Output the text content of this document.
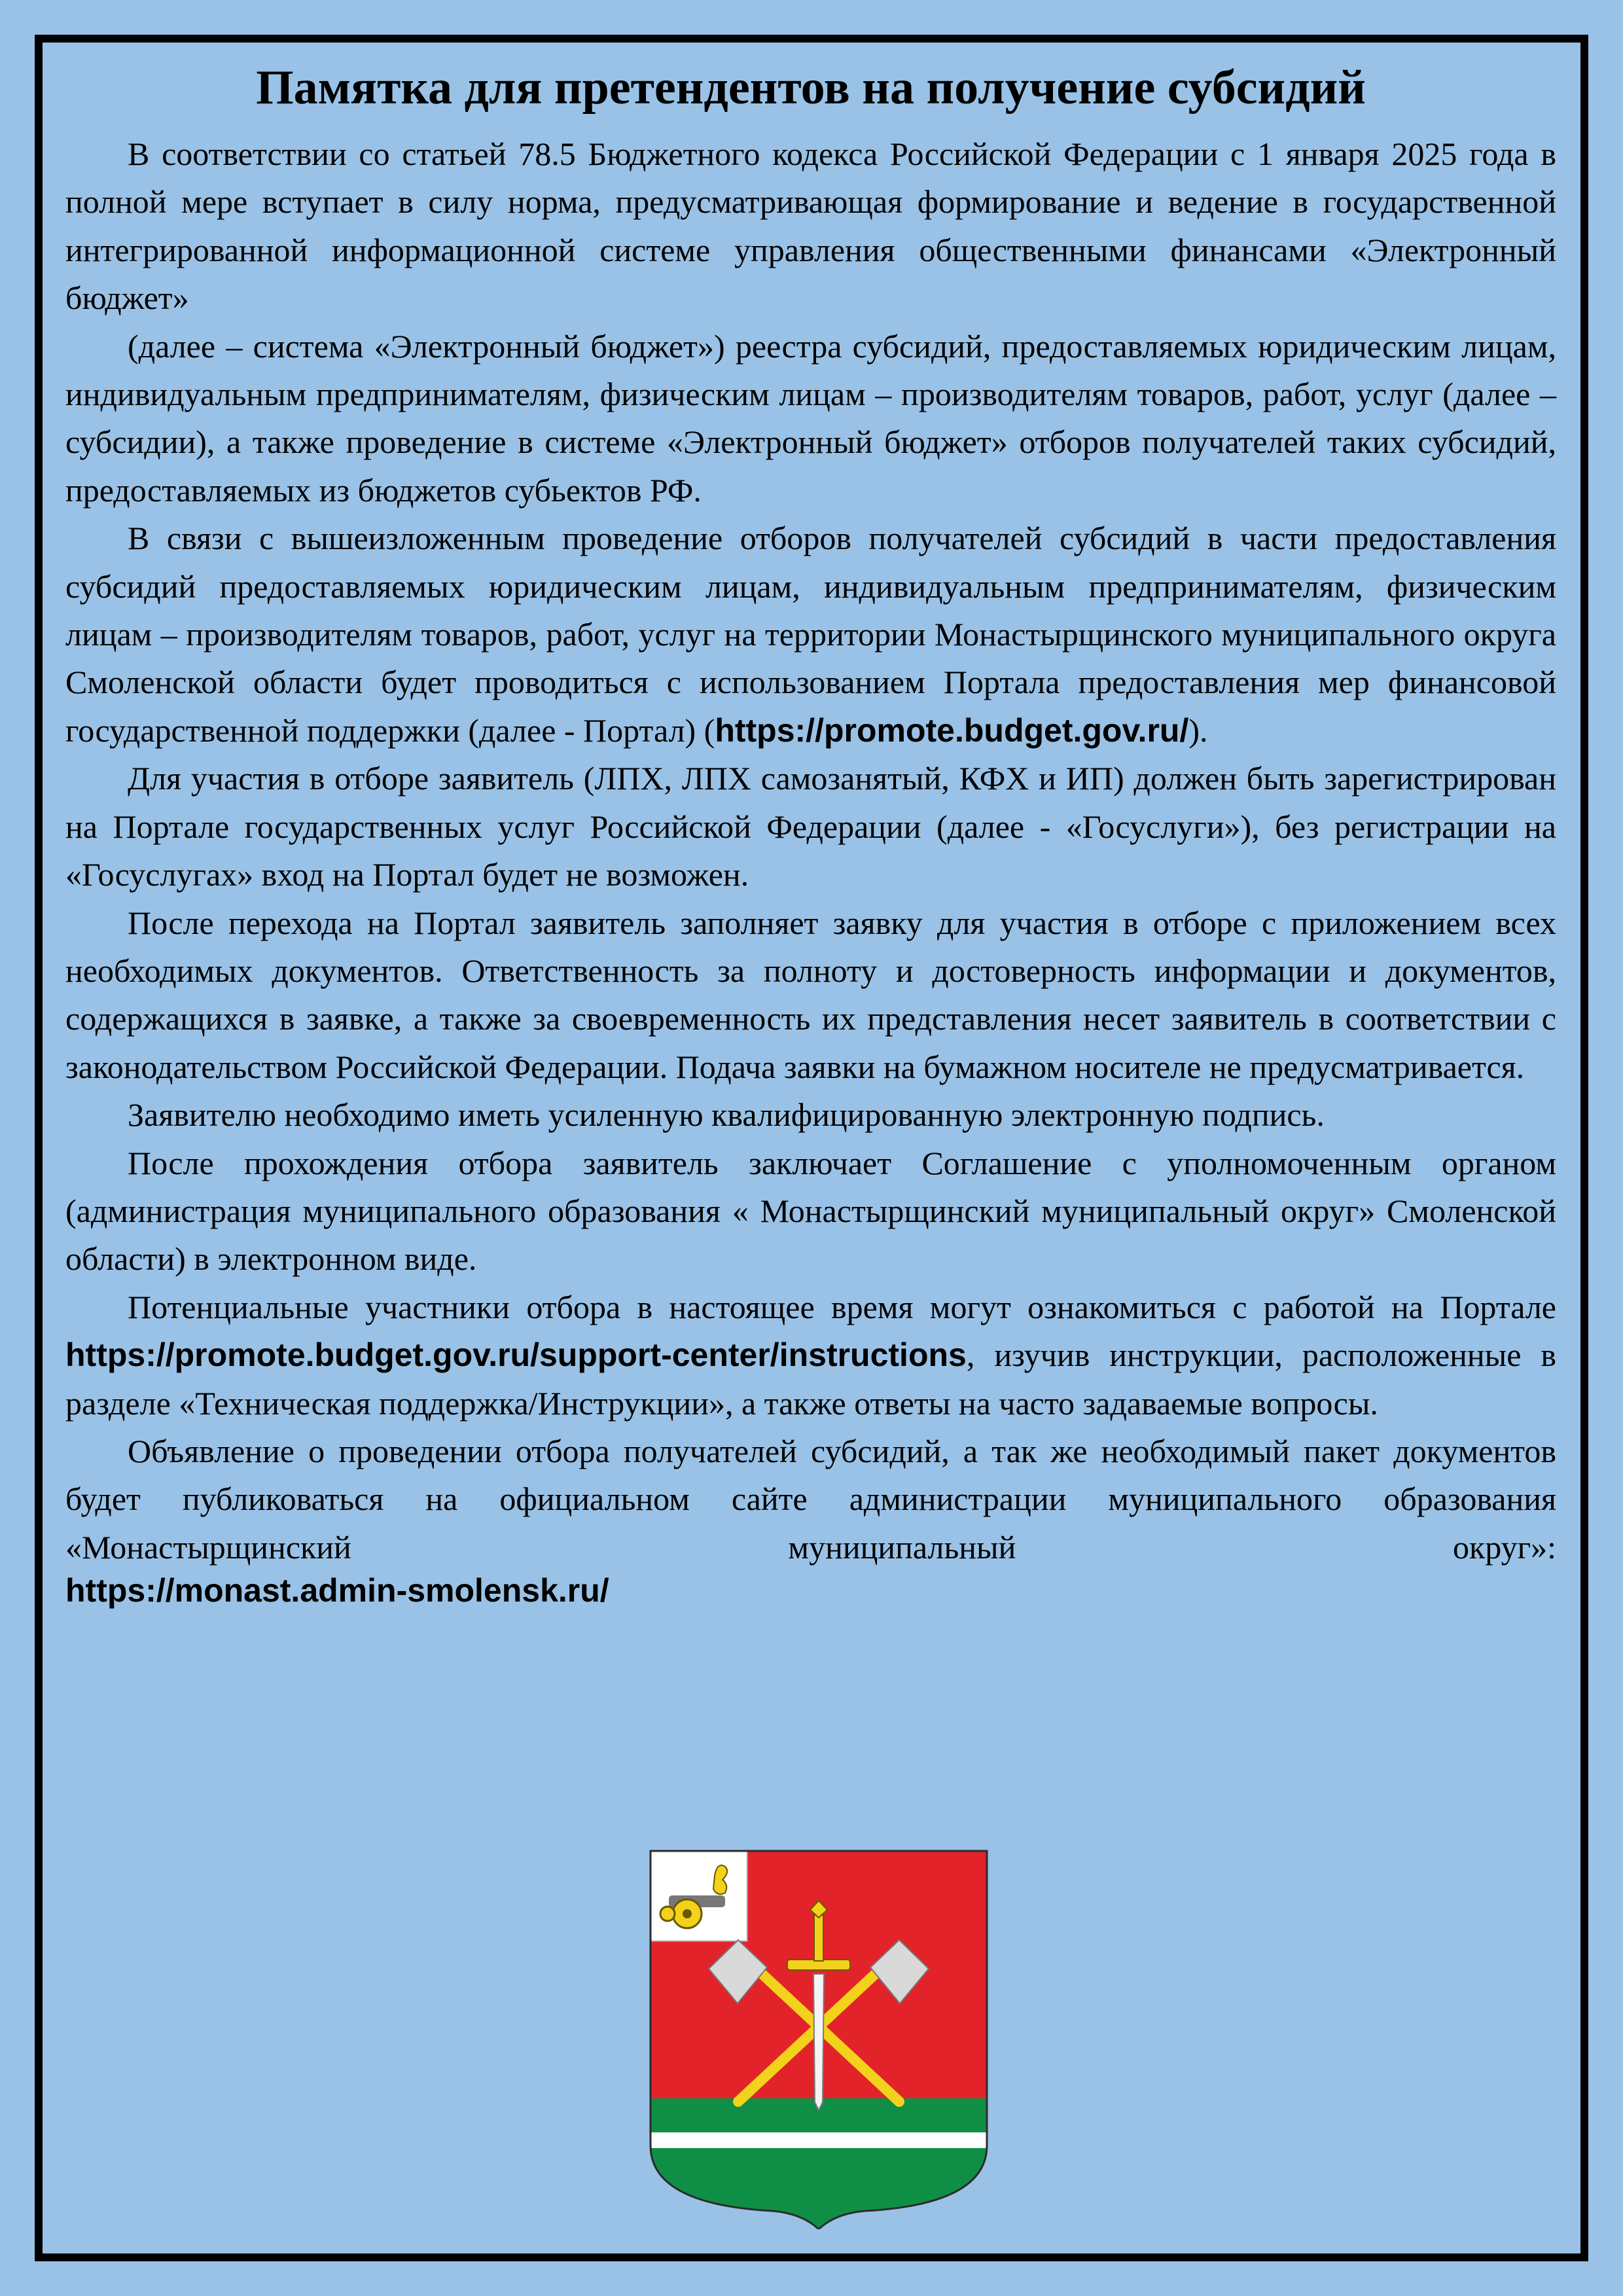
Памятка для претендентов на получение субсидий

В соответствии со статьей 78.5 Бюджетного кодекса Российской Федерации с 1 января 2025 года в полной мере вступает в силу норма, предусматривающая формирование и ведение в государственной интегрированной информационной системе управления общественными финансами «Электронный бюджет»

(далее – система «Электронный бюджет») реестра субсидий, предоставляемых юридическим лицам, индивидуальным предпринимателям, физическим лицам – производителям товаров, работ, услуг (далее – субсидии), а также проведение в системе «Электронный бюджет» отборов получателей таких субсидий, предоставляемых из бюджетов субьектов РФ.

В связи с вышеизложенным проведение отборов получателей субсидий в части предоставления субсидий предоставляемых юридическим лицам, индивидуальным предпринимателям, физическим лицам – производителям товаров, работ, услуг на территории Монастырщинского муниципального округа Смоленской области будет проводиться с использованием Портала предоставления мер финансовой государственной поддержки (далее - Портал) (https://promote.budget.gov.ru/).

Для участия в отборе заявитель (ЛПХ, ЛПХ самозанятый, КФХ и ИП) должен быть зарегистрирован на Портале государственных услуг Российской Федерации (далее - «Госуслуги»), без регистрации на «Госуслугах» вход на Портал будет не возможен.

После перехода на Портал заявитель заполняет заявку для участия в отборе с приложением всех необходимых документов. Ответственность за полноту и достоверность информации и документов, содержащихся в заявке, а также за своевременность их представления несет заявитель в соответствии с законодательством Российской Федерации. Подача заявки на бумажном носителе не предусматривается.

Заявителю необходимо иметь усиленную квалифицированную электронную подпись.

После прохождения отбора заявитель заключает Соглашение с уполномоченным органом (администрация муниципального образования « Монастырщинский муниципальный округ» Смоленской области) в электронном виде.

Потенциальные участники отбора в настоящее время могут ознакомиться с работой на Портале https://promote.budget.gov.ru/support-center/instructions, изучив инструкции, расположенные в разделе «Техническая поддержка/Инструкции», а также ответы на часто задаваемые вопросы.

Объявление о проведении отбора получателей субсидий, а так же необходимый пакет документов будет публиковаться на официальном сайте администрации муниципального образования «Монастырщинский муниципальный округ»:

https://monast.admin-smolensk.ru/
